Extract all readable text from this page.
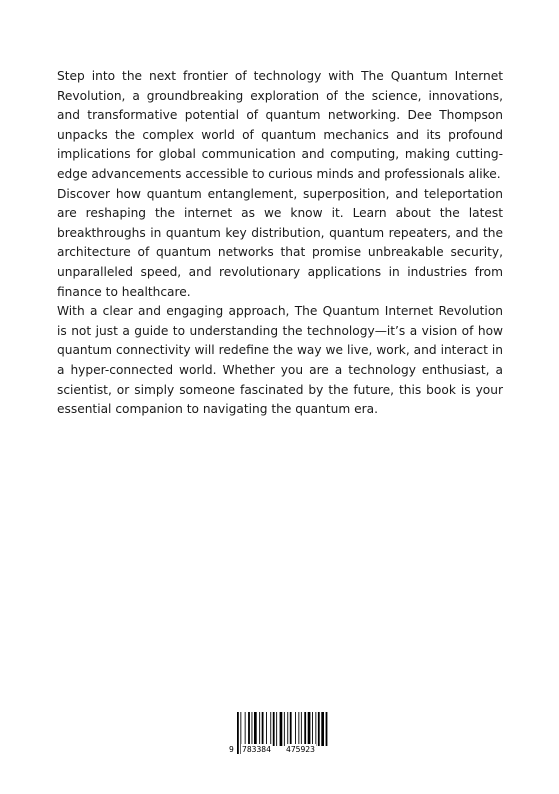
Step into the next frontier of technology with The Quantum Internet Revolution, a groundbreaking exploration of the science, innovations, and transformative potential of quantum networking. Dee Thompson unpacks the complex world of quantum mechanics and its profound implications for global communication and computing, making cutting-edge advancements accessible to curious minds and professionals alike.

Discover how quantum entanglement, superposition, and teleportation are reshaping the internet as we know it. Learn about the latest breakthroughs in quantum key distribution, quantum repeaters, and the architecture of quantum networks that promise unbreakable security, unparalleled speed, and revolutionary applications in industries from finance to healthcare.

With a clear and engaging approach, The Quantum Internet Revolution is not just a guide to understanding the technology—it’s a vision of how quantum connectivity will redefine the way we live, work, and interact in a hyper-connected world. Whether you are a technology enthusiast, a scientist, or simply someone fascinated by the future, this book is your essential companion to navigating the quantum era.

9 783384 475923
